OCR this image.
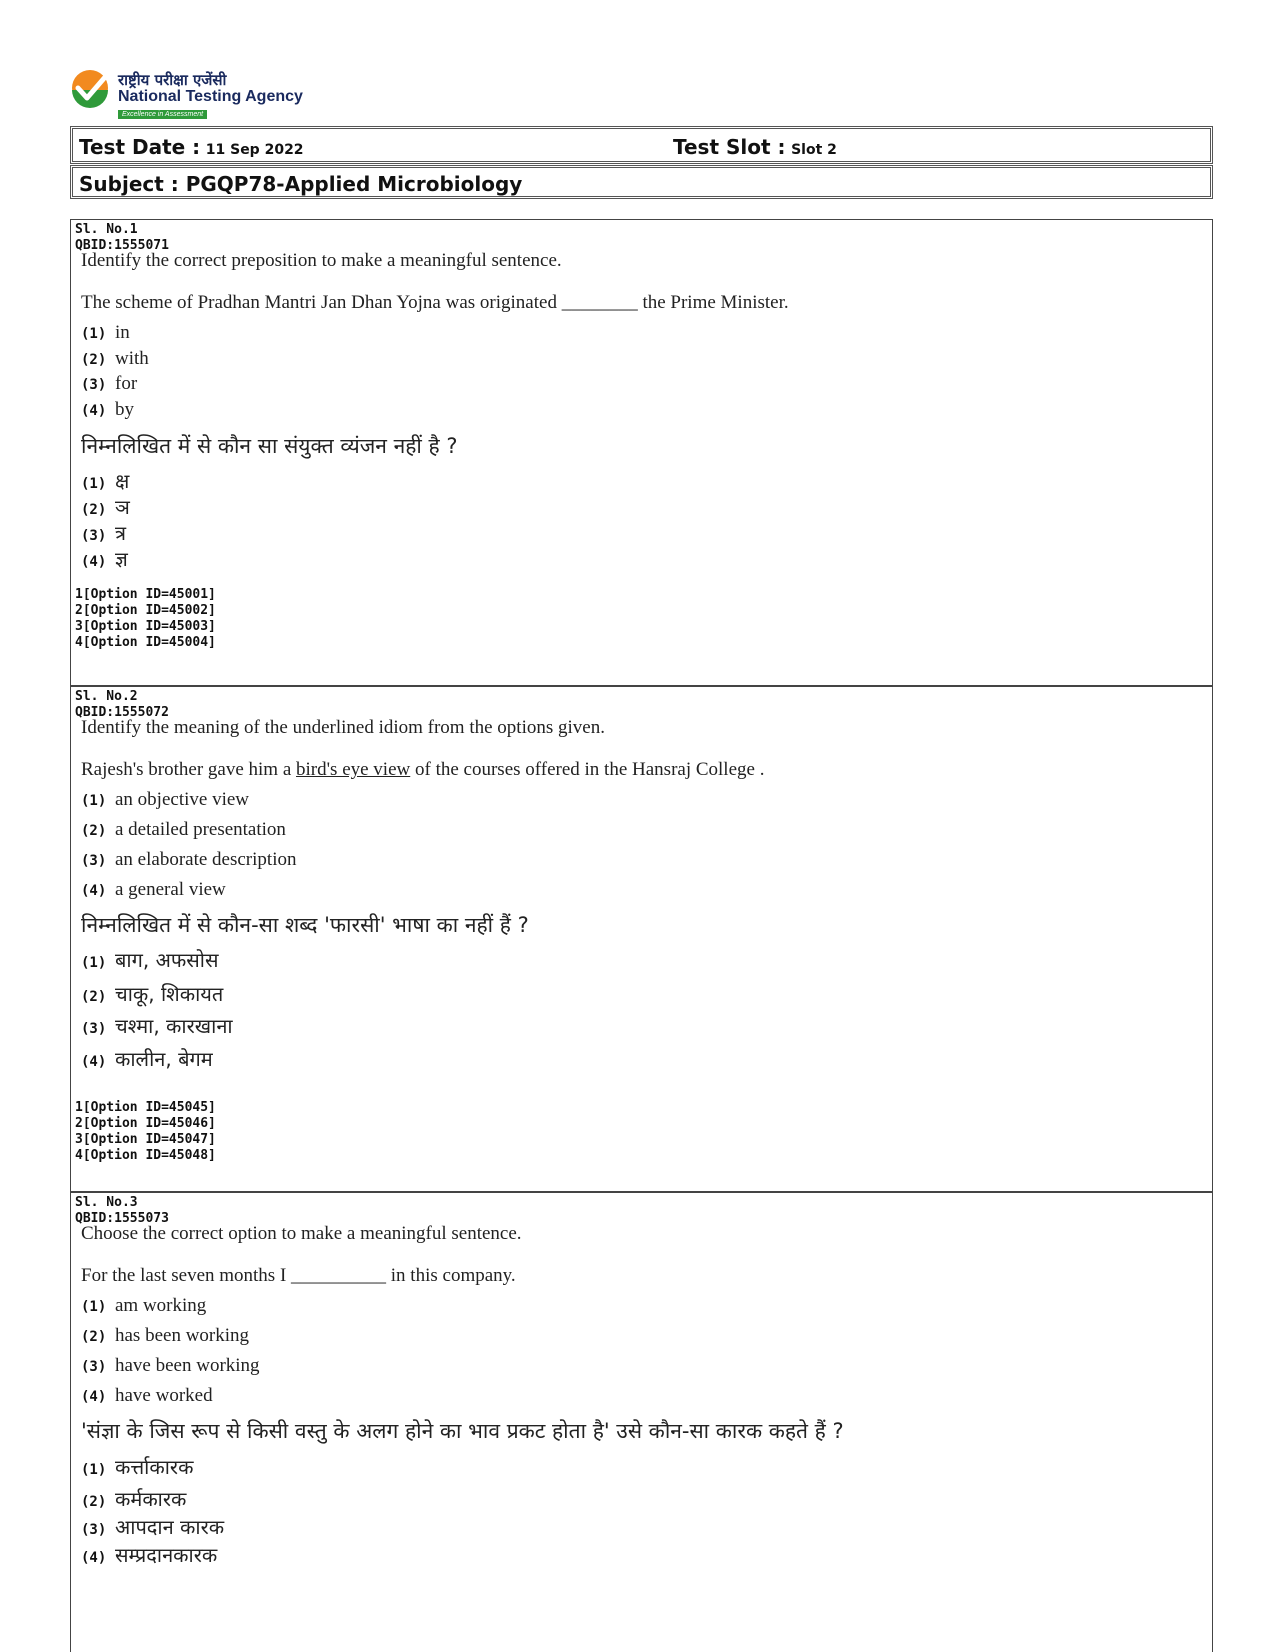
राष्ट्रीय परीक्षा एजेंसी
National Testing Agency
Excellence in Assessment
Test Date : 11 Sep 2022	Test Slot : Slot 2
Subject : PGQP78-Applied Microbiology
Sl. No.1
QBID:1555071
Identify the correct preposition to make a meaningful sentence.
The scheme of Pradhan Mantri Jan Dhan Yojna was originated ________ the Prime Minister.
(1) in
(2) with
(3) for
(4) by
निम्नलिखित में से कौन सा संयुक्त व्यंजन नहीं है ?
(1) क्ष
(2) ञ
(3) त्र
(4) ज्ञ
1[Option ID=45001]
2[Option ID=45002]
3[Option ID=45003]
4[Option ID=45004]
Sl. No.2
QBID:1555072
Identify the meaning of the underlined idiom from the options given.
Rajesh's brother gave him a bird's eye view of the courses offered in the Hansraj College .
(1) an objective view
(2) a detailed presentation
(3) an elaborate description
(4) a general view
निम्नलिखित में से कौन-सा शब्द 'फारसी' भाषा का नहीं हैं ?
(1) बाग, अफसोस
(2) चाकू, शिकायत
(3) चश्मा, कारखाना
(4) कालीन, बेगम
1[Option ID=45045]
2[Option ID=45046]
3[Option ID=45047]
4[Option ID=45048]
Sl. No.3
QBID:1555073
Choose the correct option to make a meaningful sentence.
For the last seven months I __________ in this company.
(1) am working
(2) has been working
(3) have been working
(4) have worked
'संज्ञा के जिस रूप से किसी वस्तु के अलग होने का भाव प्रकट होता है' उसे कौन-सा कारक कहते हैं ?
(1) कर्त्ताकारक
(2) कर्मकारक
(3) आपदान कारक
(4) सम्प्रदानकारक
